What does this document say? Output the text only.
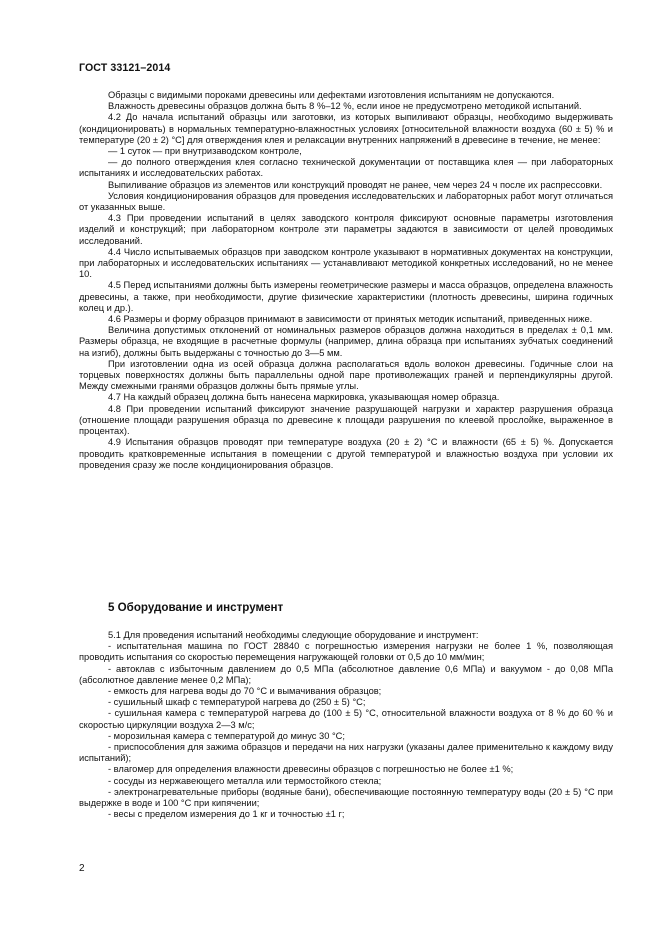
ГОСТ 33121–2014

Образцы с видимыми пороками древесины или дефектами изготовления испытаниям не допускаются.

Влажность древесины образцов должна быть 8 %–12 %, если иное не предусмотрено методикой испытаний.

4.2 До начала испытаний образцы или заготовки, из которых выпиливают образцы, необходимо выдерживать (кондиционировать) в нормальных температурно-влажностных условиях [относительной влажности воздуха (60 ± 5) % и температуре (20 ± 2) °С] для отверждения клея и релаксации внутренних напряжений в древесине в течение, не менее:

— 1 суток — при внутризаводском контроле,

— до полного отверждения клея согласно технической документации от поставщика клея — при лабораторных испытаниях и исследовательских работах.

Выпиливание образцов из элементов или конструкций проводят не ранее, чем через 24 ч после их распрессовки.

Условия кондиционирования образцов для проведения исследовательских и лабораторных работ могут отличаться от указанных выше.

4.3 При проведении испытаний в целях заводского контроля фиксируют основные параметры изготовления изделий и конструкций; при лабораторном контроле эти параметры задаются в зависимости от целей проводимых исследований.

4.4 Число испытываемых образцов при заводском контроле указывают в нормативных документах на конструкции, при лабораторных и исследовательских испытаниях — устанавливают методикой конкретных исследований, но не менее 10.

4.5 Перед испытаниями должны быть измерены геометрические размеры и масса образцов, определена влажность древесины, а также, при необходимости, другие физические характеристики (плотность древесины, ширина годичных колец и др.).

4.6 Размеры и форму образцов принимают в зависимости от принятых методик испытаний, приведенных ниже.

Величина допустимых отклонений от номинальных размеров образцов должна находиться в пределах ± 0,1 мм. Размеры образца, не входящие в расчетные формулы (например, длина образца при испытаниях зубчатых соединений на изгиб), должны быть выдержаны с точностью до 3—5 мм.

При изготовлении одна из осей образца должна располагаться вдоль волокон древесины. Годичные слои на торцевых поверхностях должны быть параллельны одной паре противолежащих граней и перпендикулярны другой. Между смежными гранями образцов должны быть прямые углы.

4.7 На каждый образец должна быть нанесена маркировка, указывающая номер образца.

4.8 При проведении испытаний фиксируют значение разрушающей нагрузки и характер разрушения образца (отношение площади разрушения образца по древесине к площади разрушения по клеевой прослойке, выраженное в процентах).

4.9 Испытания образцов проводят при температуре воздуха (20 ± 2) °С и влажности (65 ± 5) %. Допускается проводить кратковременные испытания в помещении с другой температурой и влажностью воздуха при условии их проведения сразу же после кондиционирования образцов.

5 Оборудование и инструмент

5.1 Для проведения испытаний необходимы следующие оборудование и инструмент:

- испытательная машина по ГОСТ 28840 с погрешностью измерения нагрузки не более 1 %, позволяющая проводить испытания со скоростью перемещения нагружающей головки от 0,5 до 10 мм/мин;

- автоклав с избыточным давлением до 0,5 МПа (абсолютное давление 0,6 МПа) и вакуумом - до 0,08 МПа (абсолютное давление менее 0,2 МПа);

- емкость для нагрева воды до 70 °С и вымачивания образцов;

- сушильный шкаф с температурой нагрева до (250 ± 5) °С;

- сушильная камера с температурой нагрева до (100 ± 5) °С, относительной влажности воздуха от 8 % до 60 % и скоростью циркуляции воздуха 2—3 м/с;

- морозильная камера с температурой до минус 30 °С;

- приспособления для зажима образцов и передачи на них нагрузки (указаны далее применительно к каждому виду испытаний);

- влагомер для определения влажности древесины образцов с погрешностью не более ±1 %;

- сосуды из нержавеющего металла или термостойкого стекла;

- электронагревательные приборы (водяные бани), обеспечивающие постоянную температуру воды (20 ± 5) °С при выдержке в воде и 100 °С при кипячении;

- весы с пределом измерения до 1 кг и точностью ±1 г;

2
